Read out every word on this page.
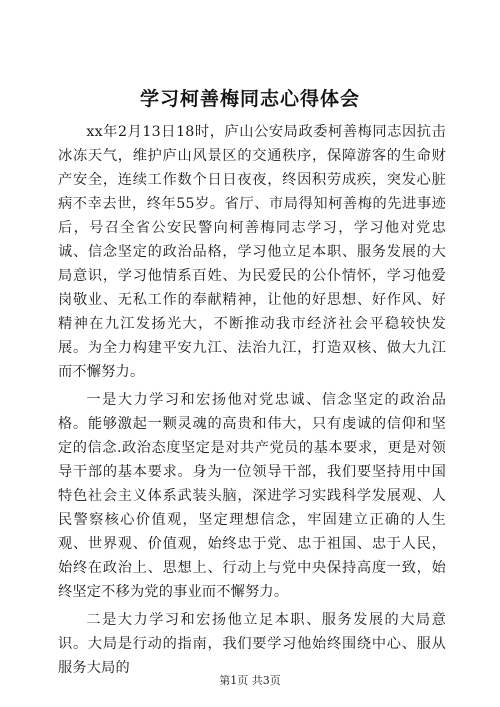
学习柯善梅同志心得体会

xx年2月13日18时，庐山公安局政委柯善梅同志因抗击冰冻天气，维护庐山风景区的交通秩序，保障游客的生命财产安全，连续工作数个日日夜夜，终因积劳成疾，突发心脏病不幸去世，终年55岁。省厅、市局得知柯善梅的先进事迹后，号召全省公安民警向柯善梅同志学习，学习他对党忠诚、信念坚定的政治品格，学习他立足本职、服务发展的大局意识，学习他情系百姓、为民爱民的公仆情怀，学习他爱岗敬业、无私工作的奉献精神，让他的好思想、好作风、好精神在九江发扬光大，不断推动我市经济社会平稳较快发展。为全力构建平安九江、法治九江，打造双核、做大九江而不懈努力。

一是大力学习和宏扬他对党忠诚、信念坚定的政治品格。能够激起一颗灵魂的高贵和伟大，只有虔诚的信仰和坚定的信念.政治态度坚定是对共产党员的基本要求，更是对领导干部的基本要求。身为一位领导干部，我们要坚持用中国特色社会主义体系武装头脑，深进学习实践科学发展观、人民警察核心价值观，坚定理想信念，牢固建立正确的人生观、世界观、价值观，始终忠于党、忠于祖国、忠于人民，始终在政治上、思想上、行动上与党中央保持高度一致，始终坚定不移为党的事业而不懈努力。

二是大力学习和宏扬他立足本职、服务发展的大局意识。大局是行动的指南，我们要学习他始终围绕中心、服从服务大局的

第1页 共3页
